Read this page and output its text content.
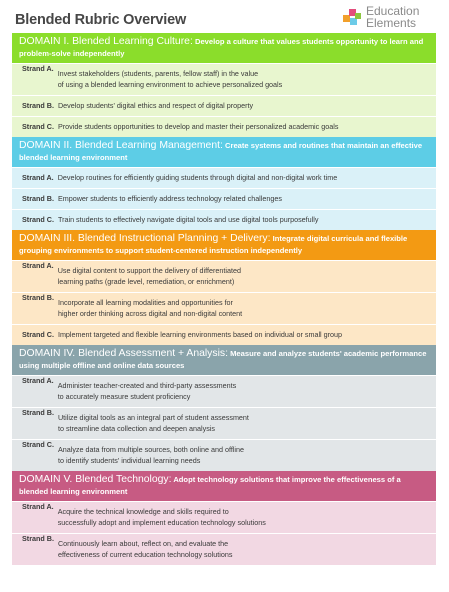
Blended Rubric Overview
Education
Elements
DOMAIN I. Blended Learning Culture: Develop a culture that values students opportunity to learn and problem-solve independently
Strand A.
Invest stakeholders (students, parents, fellow staff) in the value
of using a blended learning environment to achieve personalized goals
Strand B. Develop students' digital ethics and respect of digital property
Strand C. Provide students opportunities to develop and master their personalized academic goals
DOMAIN II. Blended Learning Management: Create systems and routines that maintain an effective blended learning environment
Strand A. Develop routines for efficiently guiding students through digital and non-digital work time
Strand B. Empower students to efficiently address technology related challenges
Strand C. Train students to effectively navigate digital tools and use digital tools purposefully
DOMAIN III. Blended Instructional Planning + Delivery: Integrate digital curricula and flexible grouping environments to support student-centered instruction independently
Strand A.
Use digital content to support the delivery of differentiated
learning paths (grade level, remediation, or enrichment)
Strand B.
Incorporate all learning modalities and opportunities for
higher order thinking across digital and non-digital content
Strand C. Implement targeted and flexible learning environments based on individual or small group
DOMAIN IV. Blended Assessment + Analysis: Measure and analyze students' academic performance using multiple offline and online data sources
Strand A.
Administer teacher-created and third-party assessments
to accurately measure student proficiency
Strand B.
Utilize digital tools as an integral part of student assessment
to streamline data collection and deepen analysis
Strand C.
Analyze data from multiple sources, both online and offline
to identify students' individual learning needs
DOMAIN V. Blended Technology: Adopt technology solutions that improve the effectiveness of a blended learning environment
Strand A.
Acquire the technical knowledge and skills required to
successfully adopt and implement education technology solutions
Strand B.
Continuously learn about, reflect on, and evaluate the
effectiveness of current education technology solutions
